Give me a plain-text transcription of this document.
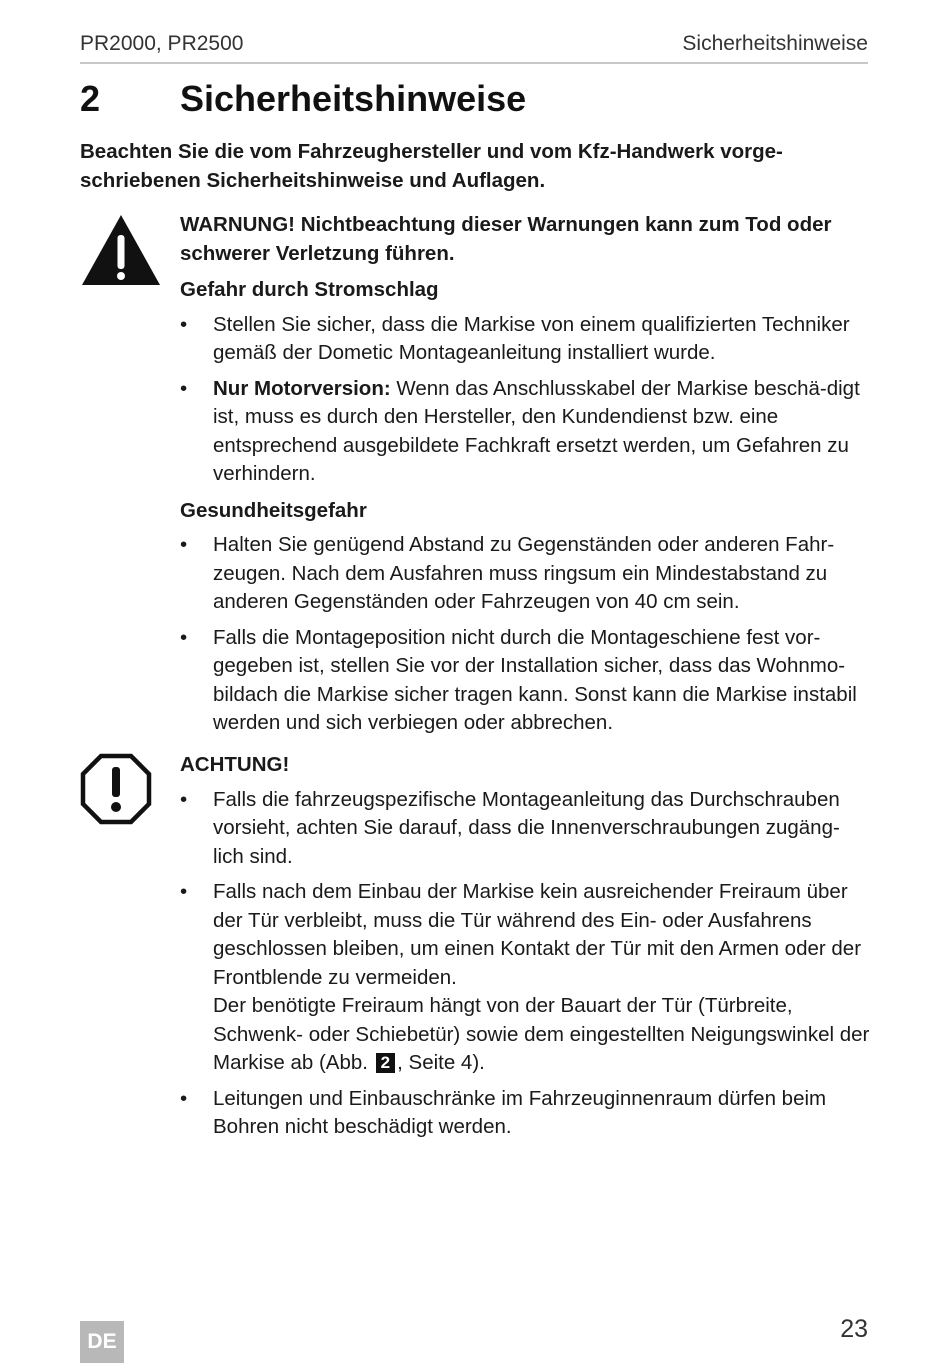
PR2000, PR2500	Sicherheitshinweise
2 Sicherheitshinweise
Beachten Sie die vom Fahrzeughersteller und vom Kfz-Handwerk vorge-schriebenen Sicherheitshinweise und Auflagen.
WARNUNG! Nichtbeachtung dieser Warnungen kann zum Tod oder schwerer Verletzung führen.
Gefahr durch Stromschlag
• Stellen Sie sicher, dass die Markise von einem qualifizierten Techniker gemäß der Dometic Montageanleitung installiert wurde.
• Nur Motorversion: Wenn das Anschlusskabel der Markise beschä-digt ist, muss es durch den Hersteller, den Kundendienst bzw. eine entsprechend ausgebildete Fachkraft ersetzt werden, um Gefahren zu verhindern.
Gesundheitsgefahr
• Halten Sie genügend Abstand zu Gegenständen oder anderen Fahr-zeugen. Nach dem Ausfahren muss ringsum ein Mindestabstand zu anderen Gegenständen oder Fahrzeugen von 40 cm sein.
• Falls die Montageposition nicht durch die Montageschiene fest vor-gegeben ist, stellen Sie vor der Installation sicher, dass das Wohnmo-bildach die Markise sicher tragen kann. Sonst kann die Markise instabil werden und sich verbiegen oder abbrechen.
ACHTUNG!
• Falls die fahrzeugspezifische Montageanleitung das Durchschrauben vorsieht, achten Sie darauf, dass die Innenverschraubungen zugäng-lich sind.
• Falls nach dem Einbau der Markise kein ausreichender Freiraum über der Tür verbleibt, muss die Tür während des Ein- oder Ausfahrens geschlossen bleiben, um einen Kontakt der Tür mit den Armen oder der Frontblende zu vermeiden.
Der benötigte Freiraum hängt von der Bauart der Tür (Türbreite, Schwenk- oder Schiebetür) sowie dem eingestellten Neigungswinkel der Markise ab (Abb. 2 , Seite 4).
• Leitungen und Einbauschränke im Fahrzeuginnenraum dürfen beim Bohren nicht beschädigt werden.
DE	23
